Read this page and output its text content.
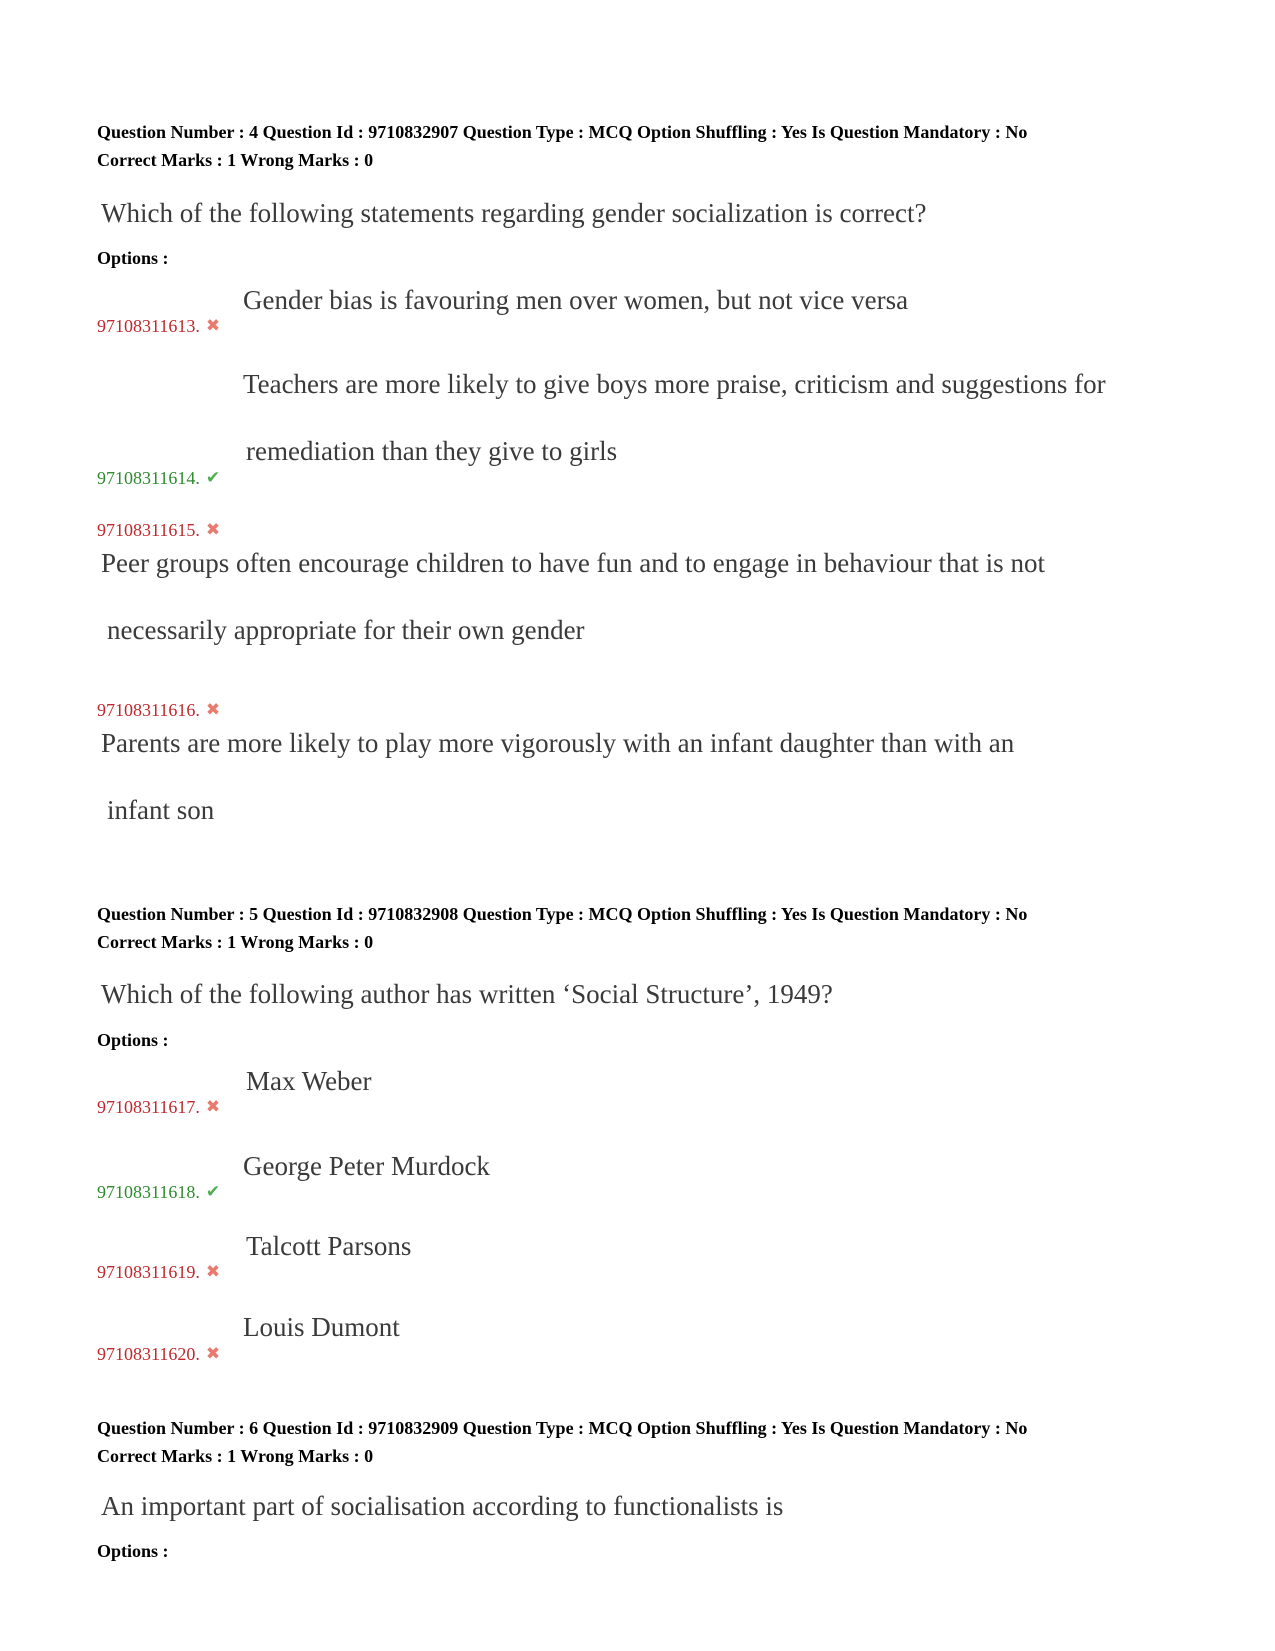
Question Number : 4 Question Id : 9710832907 Question Type : MCQ Option Shuffling : Yes Is Question Mandatory : No
Correct Marks : 1 Wrong Marks : 0
Which of the following statements regarding gender socialization is correct?
Options :
Gender bias is favouring men over women, but not vice versa
97108311613. ✖
Teachers are more likely to give boys more praise, criticism and suggestions for
remediation than they give to girls
97108311614. ✔
97108311615. ✖
Peer groups often encourage children to have fun and to engage in behaviour that is not
necessarily appropriate for their own gender
97108311616. ✖
Parents are more likely to play more vigorously with an infant daughter than with an
infant son
Question Number : 5 Question Id : 9710832908 Question Type : MCQ Option Shuffling : Yes Is Question Mandatory : No
Correct Marks : 1 Wrong Marks : 0
Which of the following author has written ‘Social Structure’, 1949?
Options :
Max Weber
97108311617. ✖
George Peter Murdock
97108311618. ✔
Talcott Parsons
97108311619. ✖
Louis Dumont
97108311620. ✖
Question Number : 6 Question Id : 9710832909 Question Type : MCQ Option Shuffling : Yes Is Question Mandatory : No
Correct Marks : 1 Wrong Marks : 0
An important part of socialisation according to functionalists is
Options :
